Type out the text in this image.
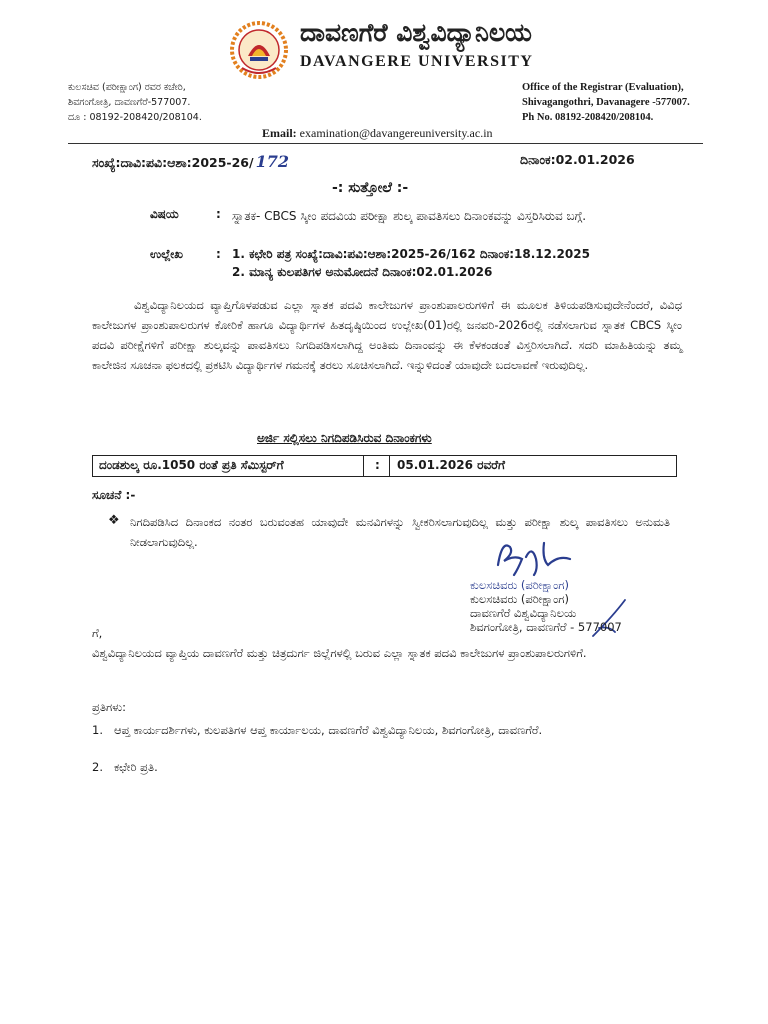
ದಾವಣಗೆರೆ ವಿಶ್ವವಿದ್ಯಾನಿಲಯ
DAVANGERE UNIVERSITY
ಕುಲಸಚಿವ (ಪರೀಕ್ಷಾಂಗ) ರವರ ಕಚೇರಿ,
ಶಿವಗಂಗೋತ್ರಿ, ದಾವಣಗೆರೆ-577007.
ದೂ : 08192-208420/208104.
Office of the Registrar (Evaluation),
Shivagangothri, Davanagere -577007.
Ph No. 08192-208420/208104.
Email: examination@davangereuniversity.ac.in
ಸಂಖ್ಯೆ:ದಾವಿ:ಪವಿ:ಆಶಾ:2025-26/ 172	ದಿನಾಂಕ:02.01.2026
-: ಸುತ್ತೋಲೆ :-
ವಿಷಯ	: ಸ್ನಾತಕ- CBCS ಸ್ಕೀಂ ಪದವಿಯ ಪರೀಕ್ಷಾ ಶುಲ್ಕ ಪಾವತಿಸಲು ದಿನಾಂಕವನ್ನು ವಿಸ್ತರಿಸಿರುವ ಬಗ್ಗೆ.
ಉಲ್ಲೇಖ	: 1. ಕಛೇರಿ ಪತ್ರ ಸಂಖ್ಯೆ:ದಾವಿ:ಪವಿ:ಆಶಾ:2025-26/162 ದಿನಾಂಕ:18.12.2025
2. ಮಾನ್ಯ ಕುಲಪತಿಗಳ ಅನುಮೋದನೆ ದಿನಾಂಕ:02.01.2026
ವಿಶ್ವವಿದ್ಯಾನಿಲಯದ ವ್ಯಾಪ್ತಿಗೊಳಪಡುವ ಎಲ್ಲಾ ಸ್ನಾತಕ ಪದವಿ ಕಾಲೇಜುಗಳ ಪ್ರಾಂಶುಪಾಲರುಗಳಿಗೆ ಈ ಮೂಲಕ ತಿಳಿಯಪಡಿಸುವುದೇನೆಂದರೆ, ವಿವಿಧ ಕಾಲೇಜುಗಳ ಪ್ರಾಂಶುಪಾಲರುಗಳ ಕೋರಿಕೆ ಹಾಗೂ ವಿದ್ಯಾರ್ಥಿಗಳ ಹಿತದೃಷ್ಠಿಯಿಂದ ಉಲ್ಲೇಖ(01)ರಲ್ಲಿ ಜನವರಿ-2026ರಲ್ಲಿ ನಡೆಸಲಾಗುವ ಸ್ನಾತಕ CBCS ಸ್ಕೀಂ ಪದವಿ ಪರೀಕ್ಷೆಗಳಿಗೆ ಪರೀಕ್ಷಾ ಶುಲ್ಕವನ್ನು ಪಾವತಿಸಲು ನಿಗದಿಪಡಿಸಲಾಗಿದ್ದ ಅಂತಿಮ ದಿನಾಂವನ್ನು ಈ ಕೆಳಕಂಡಂತೆ ವಿಸ್ತರಿಸಲಾಗಿದೆ. ಸದರಿ ಮಾಹಿತಿಯನ್ನು ತಮ್ಮ ಕಾಲೇಜಿನ ಸೂಚನಾ ಫಲಕದಲ್ಲಿ ಪ್ರಕಟಿಸಿ ವಿದ್ಯಾರ್ಥಿಗಳ ಗಮನಕ್ಕೆ ತರಲು ಸೂಚಿಸಲಾಗಿದೆ. ಇನ್ನುಳಿದಂತೆ ಯಾವುದೇ ಬದಲಾವಣೆ ಇರುವುದಿಲ್ಲ.
ಅರ್ಜಿ ಸಲ್ಲಿಸಲು ನಿಗದಿಪಡಿಸಿರುವ ದಿನಾಂಕಗಳು
ದಂಡಶುಲ್ಕ ರೂ.1050 ರಂತೆ ಪ್ರತಿ ಸೆಮಿಸ್ಟರ್‌ಗೆ	: 05.01.2026 ರವರೆಗೆ
ಸೂಚನೆ :-
❖ ನಿಗದಿಪಡಿಸಿದ ದಿನಾಂಕದ ನಂತರ ಬರುವಂತಹ ಯಾವುದೇ ಮನವಿಗಳನ್ನು ಸ್ವೀಕರಿಸಲಾಗುವುದಿಲ್ಲ ಮತ್ತು ಪರೀಕ್ಷಾ ಶುಲ್ಕ ಪಾವತಿಸಲು ಅನುಮತಿ ನೀಡಲಾಗುವುದಿಲ್ಲ.
ಕುಲಸಚಿವರು (ಪರೀಕ್ಷಾಂಗ)
ಕುಲಸಚಿವರು (ಪರೀಕ್ಷಾಂಗ)
ದಾವಣಗೆರೆ ವಿಶ್ವವಿದ್ಯಾನಿಲಯ
ಶಿವಗಂಗೋತ್ರಿ, ದಾವಣಗೆರೆ - 577007
ಗೆ,
ವಿಶ್ವವಿದ್ಯಾನಿಲಯದ ವ್ಯಾಪ್ತಿಯ ದಾವಣಗೆರೆ ಮತ್ತು ಚಿತ್ರದುರ್ಗ ಜಿಲ್ಲೆಗಳಲ್ಲಿ ಬರುವ ಎಲ್ಲಾ ಸ್ನಾತಕ ಪದವಿ ಕಾಲೇಜುಗಳ ಪ್ರಾಂಶುಪಾಲರುಗಳಿಗೆ.
ಪ್ರತಿಗಳು:
1. ಆಪ್ತ ಕಾರ್ಯದರ್ಶಿಗಳು, ಕುಲಪತಿಗಳ ಆಪ್ತ ಕಾರ್ಯಾಲಯ, ದಾವಣಗೆರೆ ವಿಶ್ವವಿದ್ಯಾನಿಲಯ, ಶಿವಗಂಗೋತ್ರಿ, ದಾವಣಗೆರೆ.
2. ಕಛೇರಿ ಪ್ರತಿ.
